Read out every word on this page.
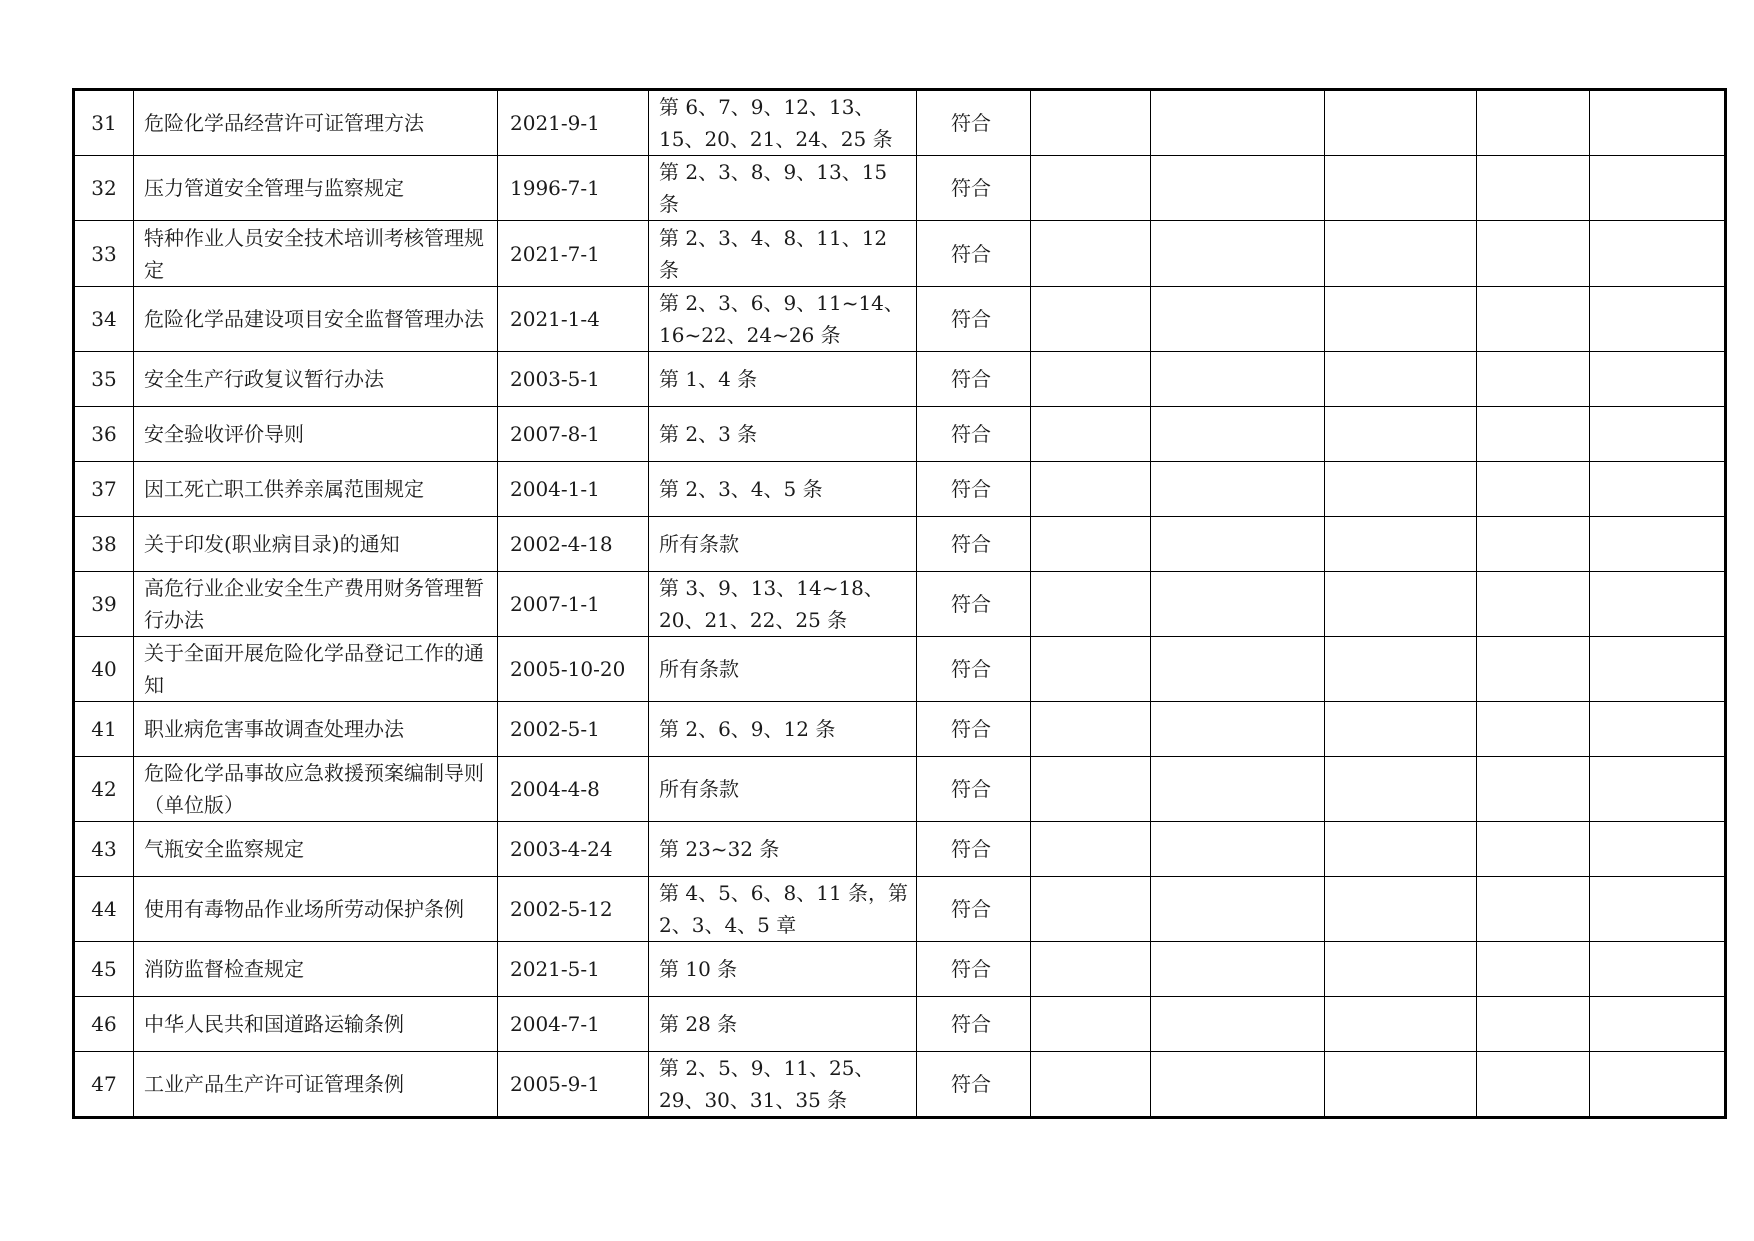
31	危险化学品经营许可证管理方法	2021-9-1	第 6、7、9、12、13、15、20、21、24、25 条	符合					
32	压力管道安全管理与监察规定	1996-7-1	第 2、3、8、9、13、15 条	符合					
33	特种作业人员安全技术培训考核管理规定	2021-7-1	第 2、3、4、8、11、12 条	符合					
34	危险化学品建设项目安全监督管理办法	2021-1-4	第 2、3、6、9、11~14、16~22、24~26 条	符合					
35	安全生产行政复议暂行办法	2003-5-1	第 1、4 条	符合					
36	安全验收评价导则	2007-8-1	第 2、3 条	符合					
37	因工死亡职工供养亲属范围规定	2004-1-1	第 2、3、4、5 条	符合					
38	关于印发(职业病目录)的通知	2002-4-18	所有条款	符合					
39	高危行业企业安全生产费用财务管理暂行办法	2007-1-1	第 3、9、13、14~18、20、21、22、25 条	符合					
40	关于全面开展危险化学品登记工作的通知	2005-10-20	所有条款	符合					
41	职业病危害事故调查处理办法	2002-5-1	第 2、6、9、12 条	符合					
42	危险化学品事故应急救援预案编制导则（单位版）	2004-4-8	所有条款	符合					
43	气瓶安全监察规定	2003-4-24	第 23~32 条	符合					
44	使用有毒物品作业场所劳动保护条例	2002-5-12	第 4、5、6、8、11 条，第 2、3、4、5 章	符合					
45	消防监督检查规定	2021-5-1	第 10 条	符合					
46	中华人民共和国道路运输条例	2004-7-1	第 28 条	符合					
47	工业产品生产许可证管理条例	2005-9-1	第 2、5、9、11、25、29、30、31、35 条	符合					
